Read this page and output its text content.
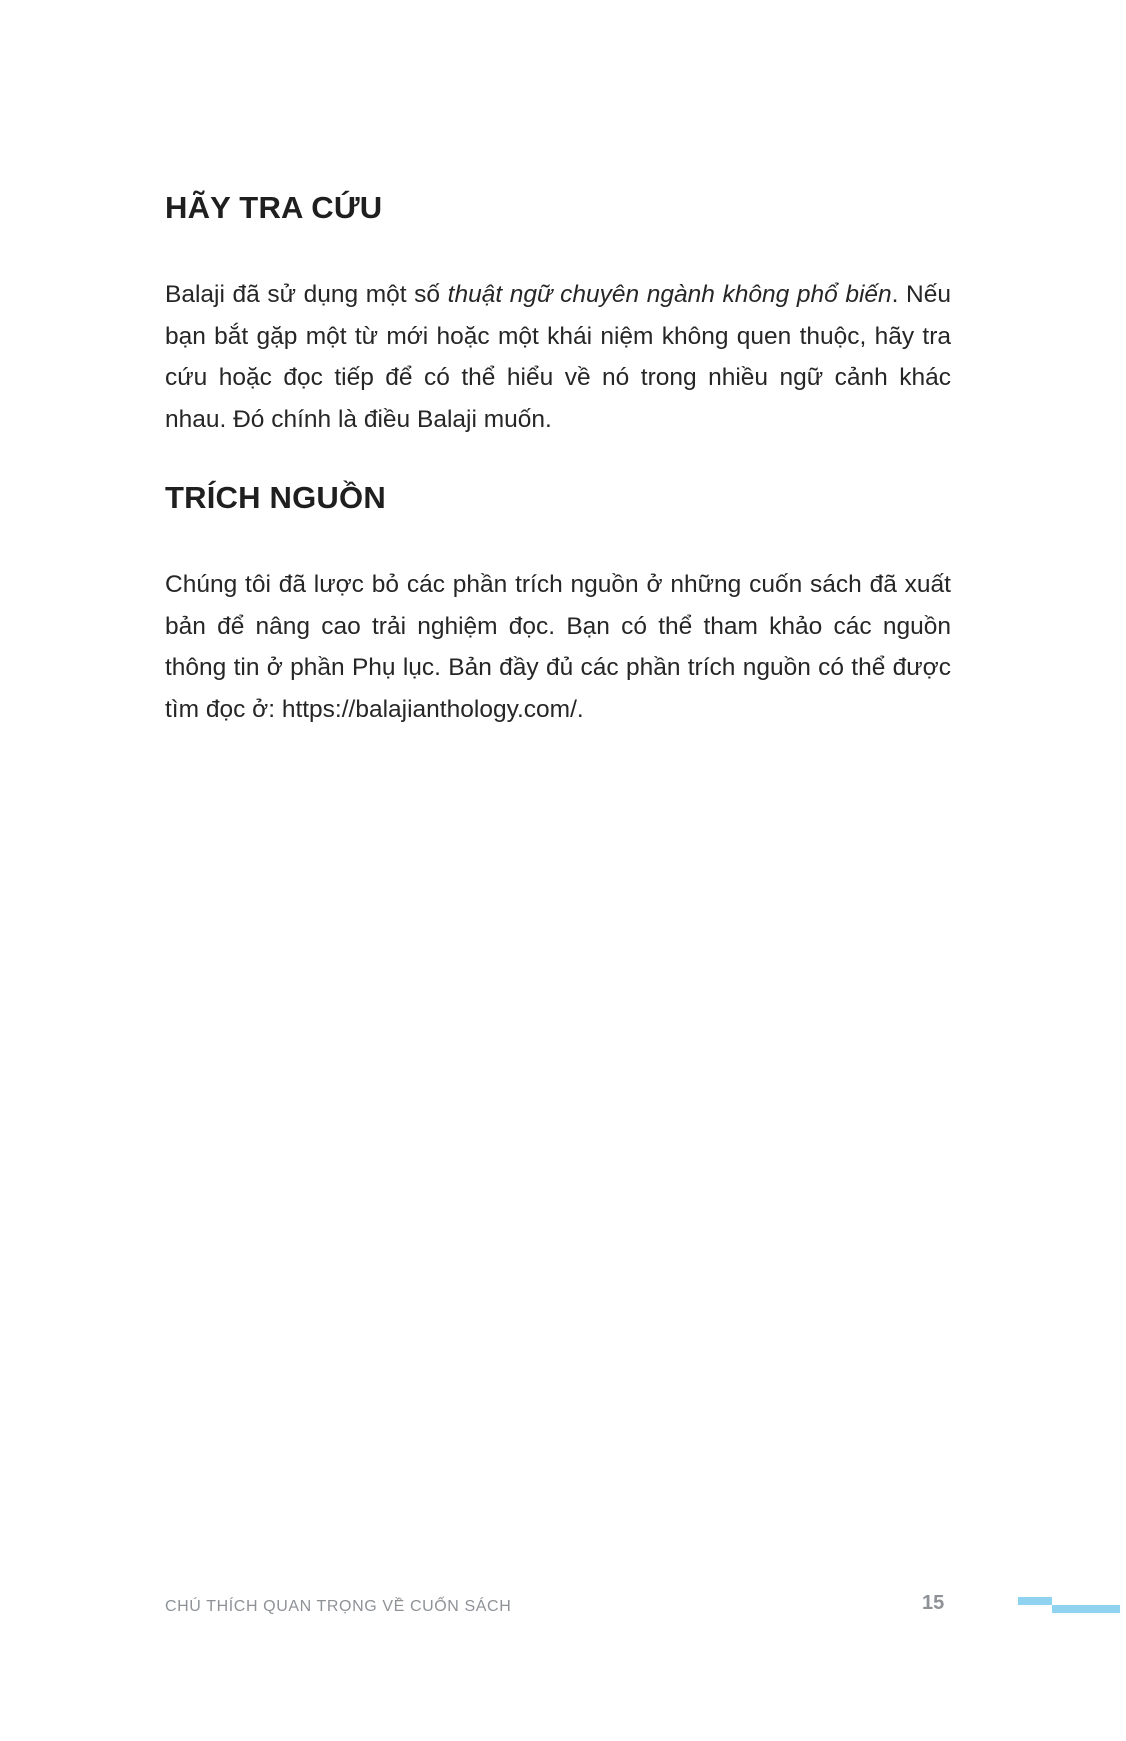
HÃY TRA CỨU

Balaji đã sử dụng một số thuật ngữ chuyên ngành không phổ biến. Nếu bạn bắt gặp một từ mới hoặc một khái niệm không quen thuộc, hãy tra cứu hoặc đọc tiếp để có thể hiểu về nó trong nhiều ngữ cảnh khác nhau. Đó chính là điều Balaji muốn.

TRÍCH NGUỒN

Chúng tôi đã lược bỏ các phần trích nguồn ở những cuốn sách đã xuất bản để nâng cao trải nghiệm đọc. Bạn có thể tham khảo các nguồn thông tin ở phần Phụ lục. Bản đầy đủ các phần trích nguồn có thể được tìm đọc ở: https://balajianthology.com/.

CHÚ THÍCH QUAN TRỌNG VỀ CUỐN SÁCH	15
